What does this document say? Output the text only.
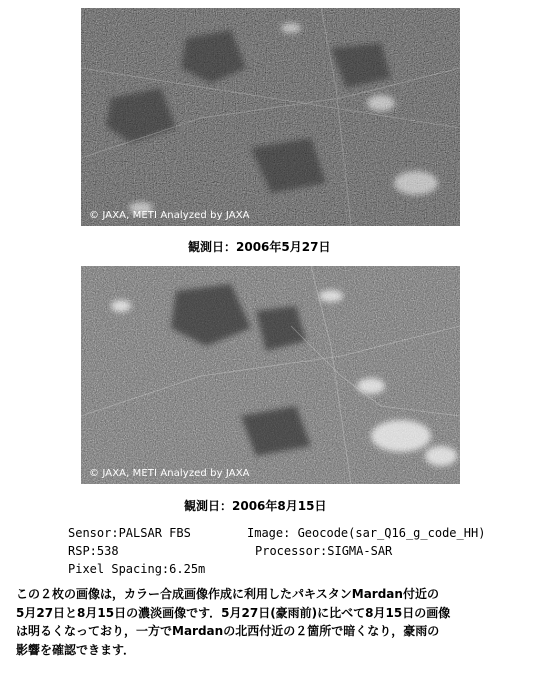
© JAXA, METI Analyzed by JAXA
観測日：2006年5月27日
© JAXA, METI Analyzed by JAXA
観測日：2006年8月15日
Sensor:PALSAR FBS	Image: Geocode(sar_Q16_g_code_HH)
RSP:538	Processor:SIGMA-SAR
Pixel Spacing:6.25m
この２枚の画像は，カラー合成画像作成に利用したパキスタンMardan付近の
5月27日と8月15日の濃淡画像です．5月27日(豪雨前)に比べて8月15日の画像
は明るくなっており，一方でMardanの北西付近の２箇所で暗くなり，豪雨の
影響を確認できます．
